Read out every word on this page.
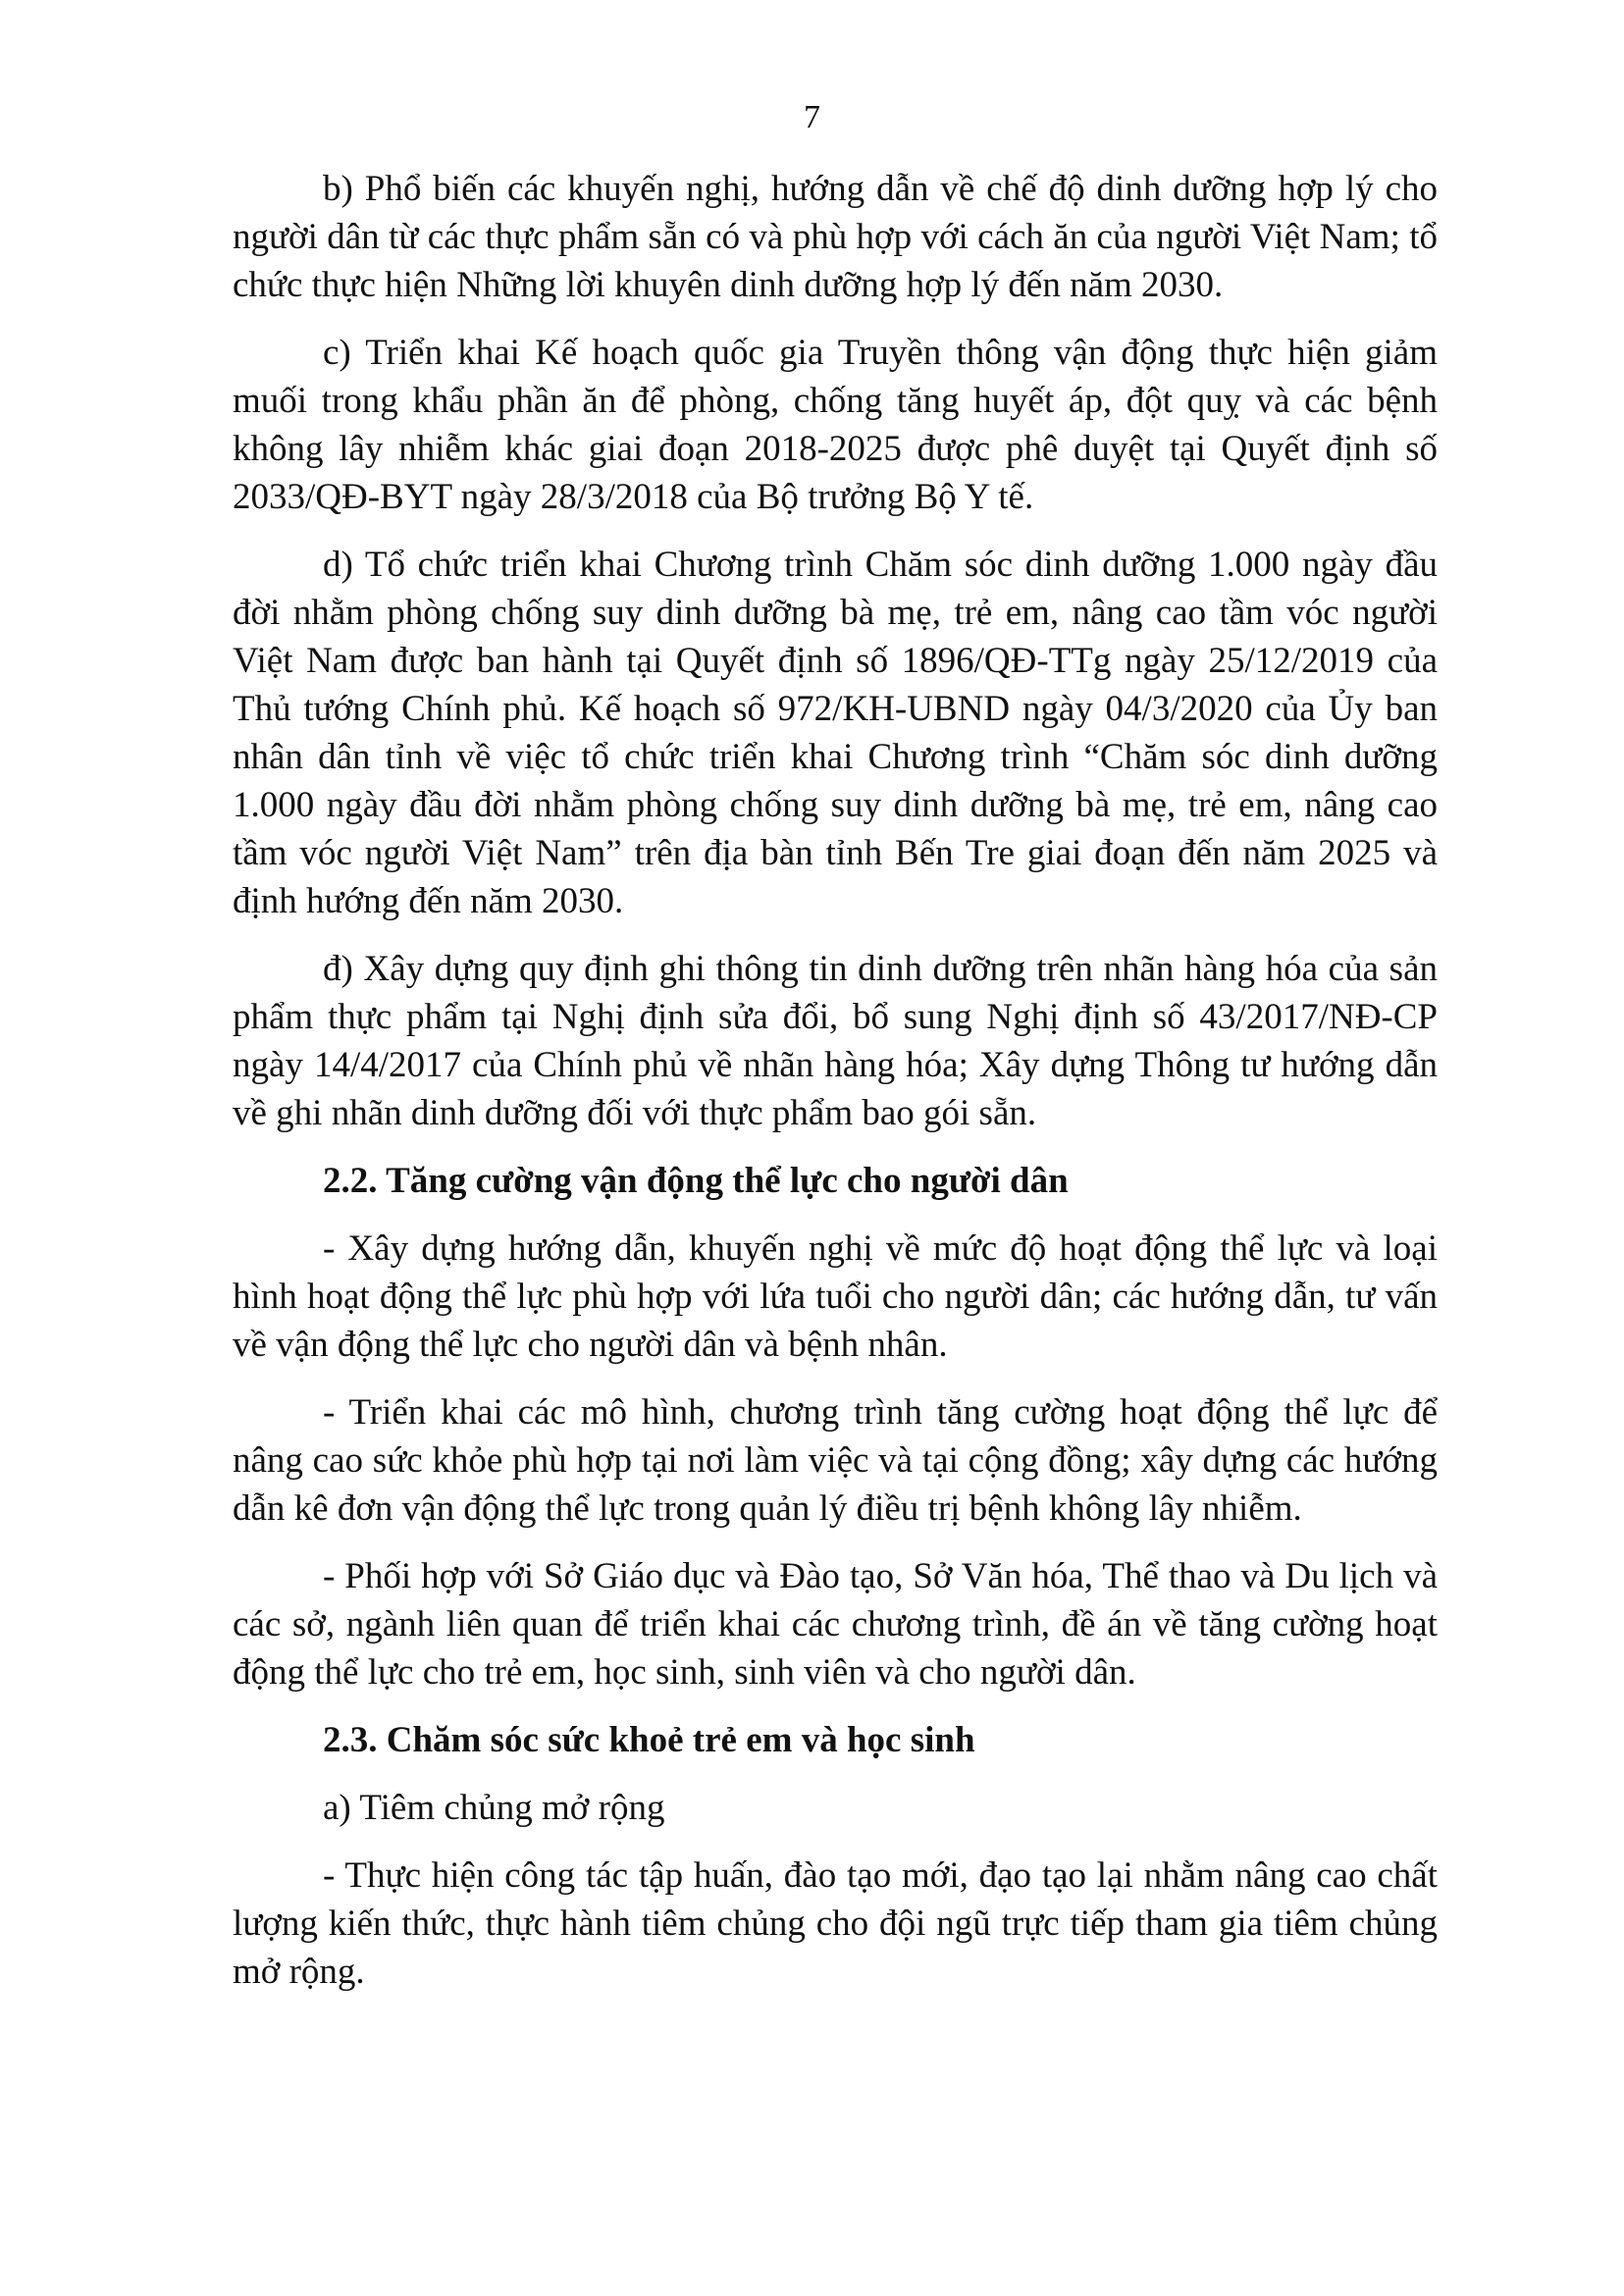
7

b) Phổ biến các khuyến nghị, hướng dẫn về chế độ dinh dưỡng hợp lý cho người dân từ các thực phẩm sẵn có và phù hợp với cách ăn của người Việt Nam; tổ chức thực hiện Những lời khuyên dinh dưỡng hợp lý đến năm 2030.

c) Triển khai Kế hoạch quốc gia Truyền thông vận động thực hiện giảm muối trong khẩu phần ăn để phòng, chống tăng huyết áp, đột quỵ và các bệnh không lây nhiễm khác giai đoạn 2018-2025 được phê duyệt tại Quyết định số 2033/QĐ-BYT ngày 28/3/2018 của Bộ trưởng Bộ Y tế.

d) Tổ chức triển khai Chương trình Chăm sóc dinh dưỡng 1.000 ngày đầu đời nhằm phòng chống suy dinh dưỡng bà mẹ, trẻ em, nâng cao tầm vóc người Việt Nam được ban hành tại Quyết định số 1896/QĐ-TTg ngày 25/12/2019 của Thủ tướng Chính phủ. Kế hoạch số 972/KH-UBND ngày 04/3/2020 của Ủy ban nhân dân tỉnh về việc tổ chức triển khai Chương trình “Chăm sóc dinh dưỡng 1.000 ngày đầu đời nhằm phòng chống suy dinh dưỡng bà mẹ, trẻ em, nâng cao tầm vóc người Việt Nam” trên địa bàn tỉnh Bến Tre giai đoạn đến năm 2025 và định hướng đến năm 2030.

đ) Xây dựng quy định ghi thông tin dinh dưỡng trên nhãn hàng hóa của sản phẩm thực phẩm tại Nghị định sửa đổi, bổ sung Nghị định số 43/2017/NĐ-CP ngày 14/4/2017 của Chính phủ về nhãn hàng hóa; Xây dựng Thông tư hướng dẫn về ghi nhãn dinh dưỡng đối với thực phẩm bao gói sẵn.

2.2. Tăng cường vận động thể lực cho người dân

- Xây dựng hướng dẫn, khuyến nghị về mức độ hoạt động thể lực và loại hình hoạt động thể lực phù hợp với lứa tuổi cho người dân; các hướng dẫn, tư vấn về vận động thể lực cho người dân và bệnh nhân.

- Triển khai các mô hình, chương trình tăng cường hoạt động thể lực để nâng cao sức khỏe phù hợp tại nơi làm việc và tại cộng đồng; xây dựng các hướng dẫn kê đơn vận động thể lực trong quản lý điều trị bệnh không lây nhiễm.

- Phối hợp với Sở Giáo dục và Đào tạo, Sở Văn hóa, Thể thao và Du lịch và các sở, ngành liên quan để triển khai các chương trình, đề án về tăng cường hoạt động thể lực cho trẻ em, học sinh, sinh viên và cho người dân.

2.3. Chăm sóc sức khoẻ trẻ em và học sinh

a) Tiêm chủng mở rộng

- Thực hiện công tác tập huấn, đào tạo mới, đạo tạo lại nhằm nâng cao chất lượng kiến thức, thực hành tiêm chủng cho đội ngũ trực tiếp tham gia tiêm chủng mở rộng.
